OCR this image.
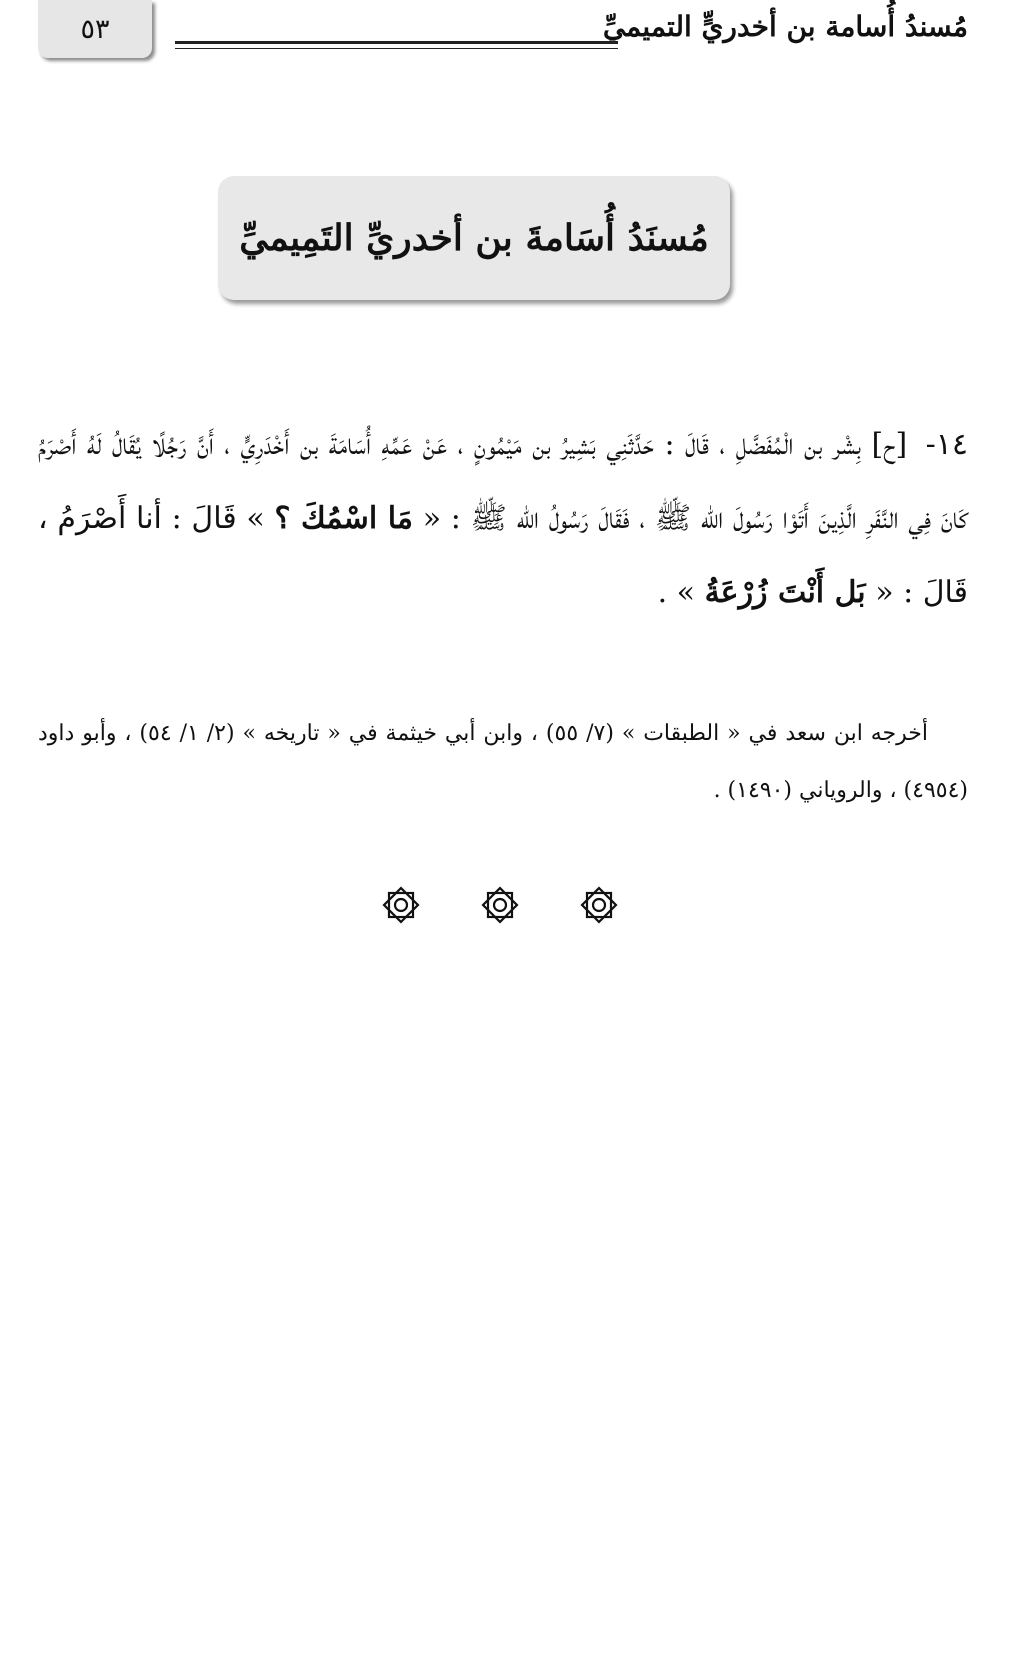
٥٣	مُسندُ أُسامة بن أخدريٍّ التميميِّ
مُسنَدُ أُسَامةَ بن أخدريِّ التَمِيميِّ
١٤- [ح] بِشْر بن الْمُفَضَّلِ ، قَالَ : حَدَّثَنِي بَشِيرُ بن مَيْمُونٍ ، عَنْ عَمِّهِ أُسَامَةَ بن أَخْدَرِيٍّ ، أَنَّ رَجُلًا يُقَالُ لَهُ أَصْرَمُ كَانَ فِي النَّفَرِ الَّذِينَ أَتَوْا رَسُولَ الله ﷺ ، فَقَالَ رَسُولُ الله ﷺ : « مَا اسْمُكَ ؟ » قَالَ : أنا أَصْرَمُ ، قَالَ : « بَل أَنْتَ زُرْعَةُ » .
أخرجه ابن سعد في « الطبقات » (٧/ ٥٥) ، وابن أبي خيثمة في « تاريخه » (٢/ ١/ ٥٤) ، وأبو داود (٤٩٥٤) ، والروياني (١٤٩٠) .
